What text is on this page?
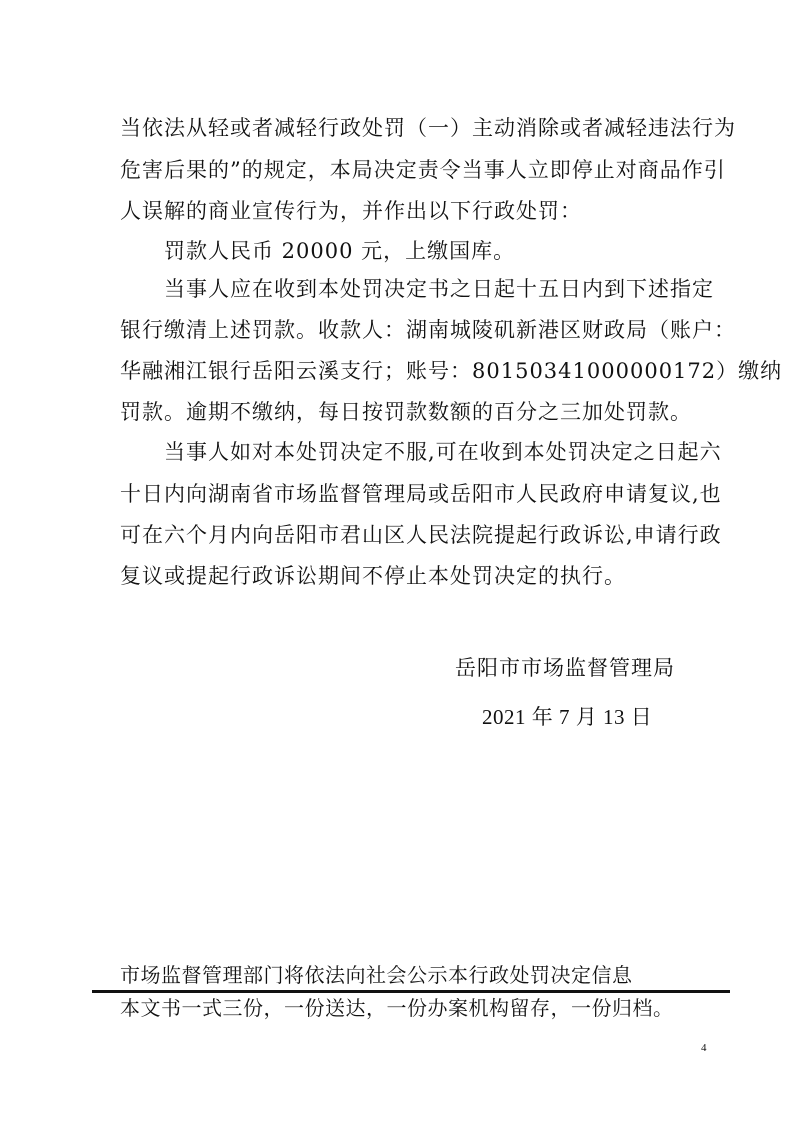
当依法从轻或者减轻行政处罚（一）主动消除或者减轻违法行为
危害后果的”的规定，本局决定责令当事人立即停止对商品作引
人误解的商业宣传行为，并作出以下行政处罚：
罚款人民币 20000 元，上缴国库。
当事人应在收到本处罚决定书之日起十五日内到下述指定
银行缴清上述罚款。收款人：湖南城陵矶新港区财政局（账户：
华融湘江银行岳阳云溪支行；账号：80150341000000172）缴纳
罚款。逾期不缴纳，每日按罚款数额的百分之三加处罚款。
当事人如对本处罚决定不服,可在收到本处罚决定之日起六
十日内向湖南省市场监督管理局或岳阳市人民政府申请复议,也
可在六个月内向岳阳市君山区人民法院提起行政诉讼,申请行政
复议或提起行政诉讼期间不停止本处罚决定的执行。
岳阳市市场监督管理局
2021 年 7 月 13 日
市场监督管理部门将依法向社会公示本行政处罚决定信息
本文书一式三份，一份送达，一份办案机构留存，一份归档。
4
